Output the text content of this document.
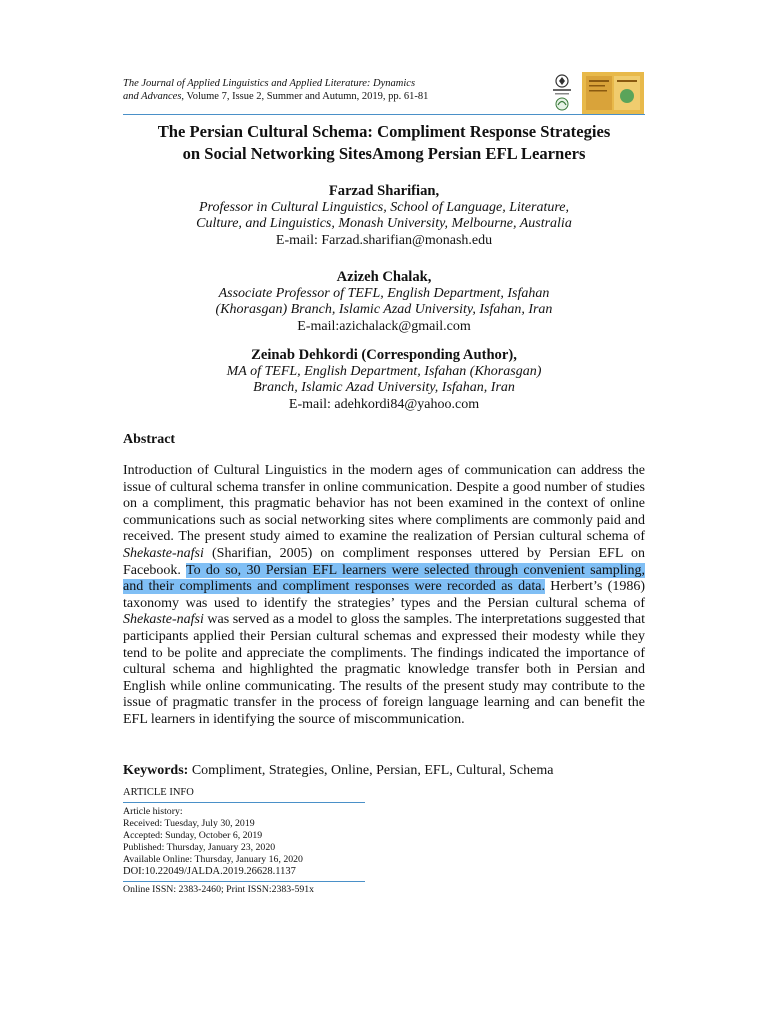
The Journal of Applied Linguistics and Applied Literature: Dynamics
and Advances, Volume 7, Issue 2, Summer and Autumn, 2019, pp. 61-81
The Persian Cultural Schema: Compliment Response Strategies
on Social Networking SitesAmong Persian EFL Learners
Farzad Sharifian,
Professor in Cultural Linguistics, School of Language, Literature,
Culture, and Linguistics, Monash University, Melbourne, Australia
E-mail: Farzad.sharifian@monash.edu
Azizeh Chalak,
Associate Professor of TEFL, English Department, Isfahan
(Khorasgan) Branch, Islamic Azad University, Isfahan, Iran
E-mail:azichalack@gmail.com
Zeinab Dehkordi (Corresponding Author),
MA of TEFL, English Department, Isfahan (Khorasgan)
Branch, Islamic Azad University, Isfahan, Iran
E-mail: adehkordi84@yahoo.com
Abstract
Introduction of Cultural Linguistics in the modern ages of communication can address the issue of cultural schema transfer in online communication. Despite a good number of studies on a compliment, this pragmatic behavior has not been examined in the context of online communications such as social networking sites where compliments are commonly paid and received. The present study aimed to examine the realization of Persian cultural schema of Shekaste-nafsi (Sharifian, 2005) on compliment responses uttered by Persian EFL on Facebook. To do so, 30 Persian EFL learners were selected through convenient sampling, and their compliments and compliment responses were recorded as data. Herbert’s (1986) taxonomy was used to identify the strategies’ types and the Persian cultural schema of Shekaste-nafsi was served as a model to gloss the samples. The interpretations suggested that participants applied their Persian cultural schemas and expressed their modesty while they tend to be polite and appreciate the compliments. The findings indicated the importance of cultural schema and highlighted the pragmatic knowledge transfer both in Persian and English while online communicating. The results of the present study may contribute to the issue of pragmatic transfer in the process of foreign language learning and can benefit the EFL learners in identifying the source of miscommunication.
Keywords: Compliment, Strategies, Online, Persian, EFL, Cultural, Schema
ARTICLE INFO
Article history:
Received: Tuesday, July 30, 2019
Accepted: Sunday, October 6, 2019
Published: Thursday, January 23, 2020
Available Online: Thursday, January 16, 2020
DOI:10.22049/JALDA.2019.26628.1137
Online ISSN: 2383-2460; Print ISSN:2383-591x
